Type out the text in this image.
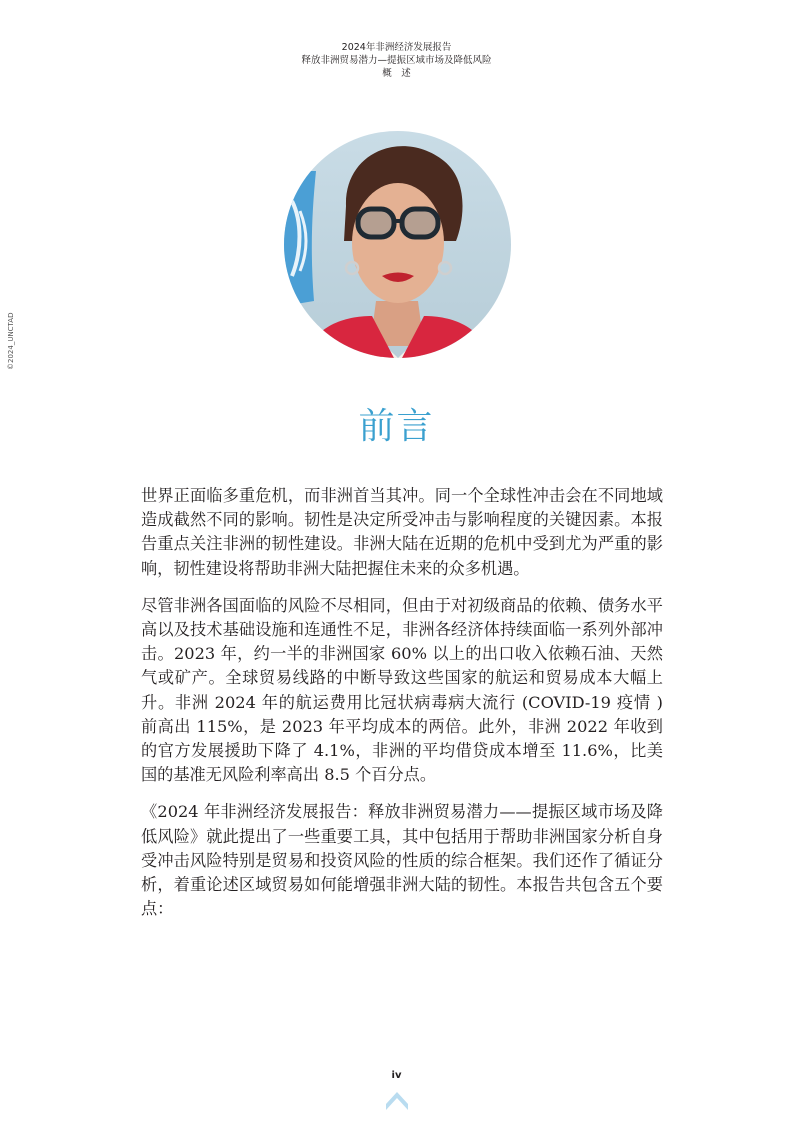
2024年非洲经济发展报告
释放非洲贸易潜力—提振区域市场及降低风险
概　述
©2024_UNCTAD
前言

世界正面临多重危机，而非洲首当其冲。同一个全球性冲击会在不同地域造成截然不同的影响。韧性是决定所受冲击与影响程度的关键因素。本报告重点关注非洲的韧性建设。非洲大陆在近期的危机中受到尤为严重的影响，韧性建设将帮助非洲大陆把握住未来的众多机遇。

尽管非洲各国面临的风险不尽相同，但由于对初级商品的依赖、债务水平高以及技术基础设施和连通性不足，非洲各经济体持续面临一系列外部冲击。2023 年，约一半的非洲国家 60% 以上的出口收入依赖石油、天然气或矿产。全球贸易线路的中断导致这些国家的航运和贸易成本大幅上升。非洲 2024 年的航运费用比冠状病毒病大流行 (COVID-19 疫情 ) 前高出 115%，是 2023 年平均成本的两倍。此外，非洲 2022 年收到的官方发展援助下降了 4.1%，非洲的平均借贷成本增至 11.6%，比美国的基准无风险利率高出 8.5 个百分点。

《2024 年非洲经济发展报告：释放非洲贸易潜力——提振区域市场及降低风险》就此提出了一些重要工具，其中包括用于帮助非洲国家分析自身受冲击风险特别是贸易和投资风险的性质的综合框架。我们还作了循证分析，着重论述区域贸易如何能增强非洲大陆的韧性。本报告共包含五个要点：

iv
